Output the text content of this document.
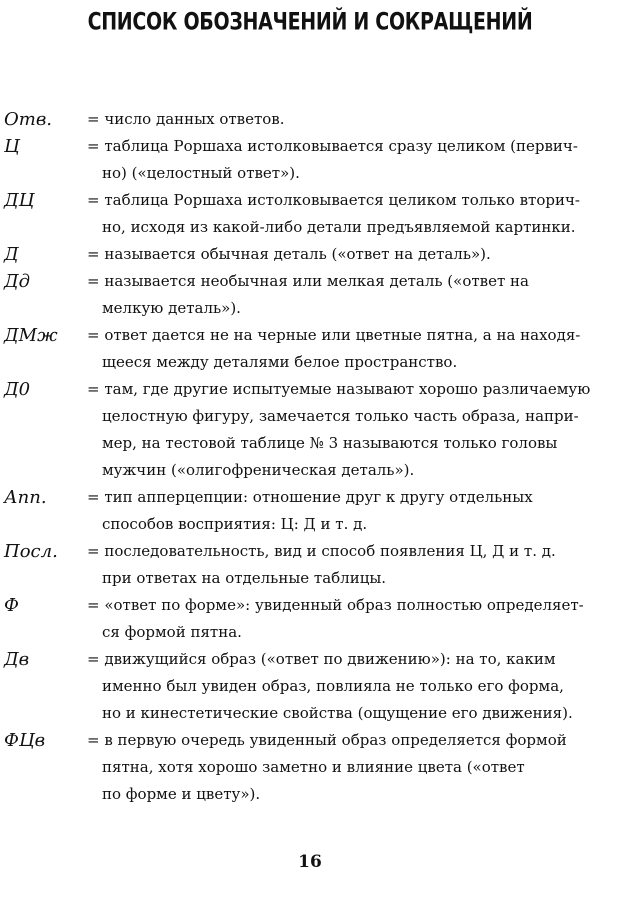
СПИСОК ОБОЗНАЧЕНИЙ И СОКРАЩЕНИЙ
Отв. = число данных ответов.
Ц	= таблица Роршаха истолковывается сразу целиком (первич-
но) («целостный ответ»).
ДЦ	= таблица Роршаха истолковывается целиком только вторич-
но, исходя из какой-либо детали предъявляемой картинки.
Д	= называется обычная деталь («ответ на деталь»).
Дд	= называется необычная или мелкая деталь («ответ на
мелкую деталь»).
ДМж = ответ дается не на черные или цветные пятна, а на находя-
щееся между деталями белое пространство.
Д0	= там, где другие испытуемые называют хорошо различаемую
целостную фигуру, замечается только часть образа, напри-
мер, на тестовой таблице № 3 называются только головы
мужчин («олигофреническая деталь»).
Апп.	= тип апперцепции: отношение друг к другу отдельных
способов восприятия: Ц: Д и т. д.
Посл. = последовательность, вид и способ появления Ц, Д и т. д.
при ответах на отдельные таблицы.
Ф	= «ответ по форме»: увиденный образ полностью определяет-
ся формой пятна.
Дв	= движущийся образ («ответ по движению»): на то, каким
именно был увиден образ, повлияла не только его форма,
но и кинестетические свойства (ощущение его движения).
ФЦв	= в первую очередь увиденный образ определяется формой
пятна, хотя хорошо заметно и влияние цвета («ответ
по форме и цвету»).
16
